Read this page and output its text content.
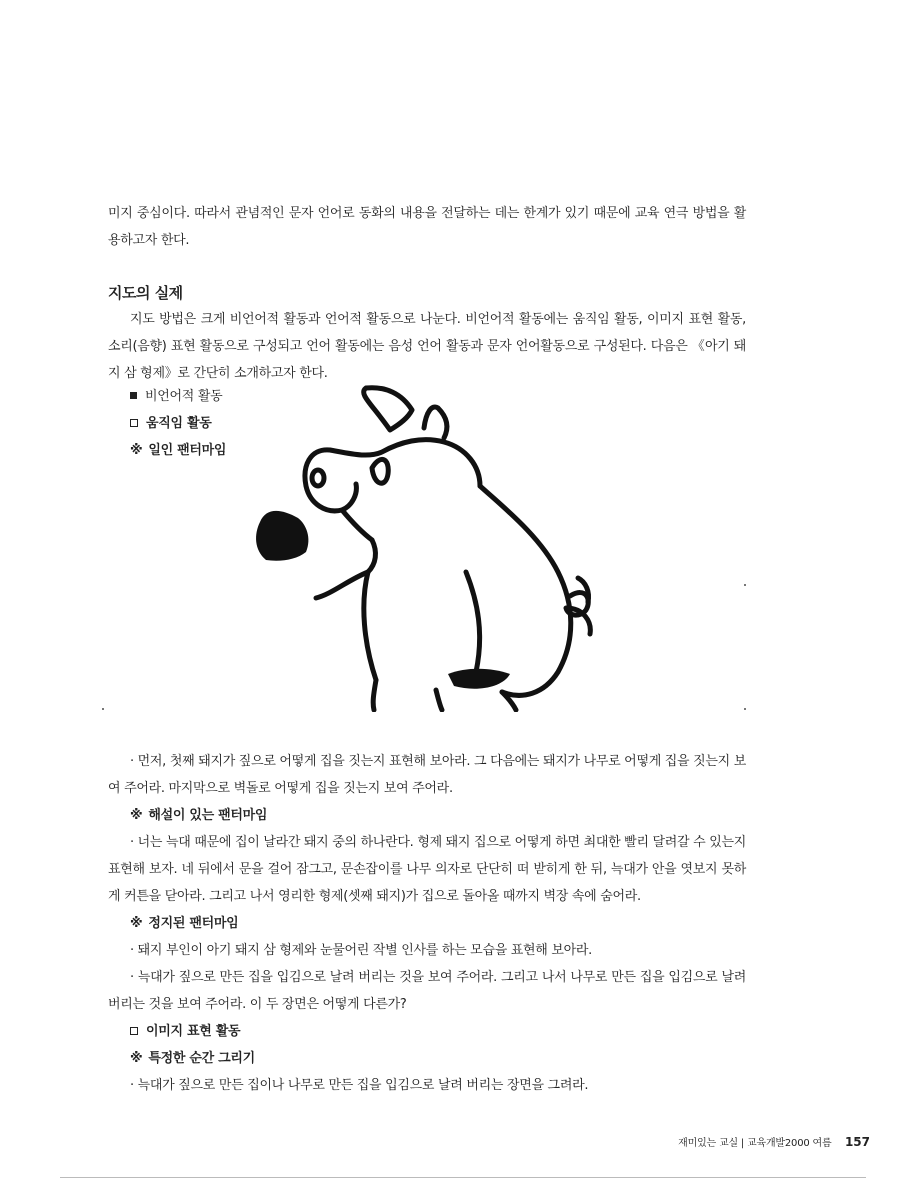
미지 중심이다. 따라서 관념적인 문자 언어로 동화의 내용을 전달하는 데는 한계가 있기 때문에 교육 연극 방법을 활용하고자 한다.

지도의 실제

지도 방법은 크게 비언어적 활동과 언어적 활동으로 나눈다. 비언어적 활동에는 움직임 활동, 이미지 표현 활동, 소리(음향) 표현 활동으로 구성되고 언어 활동에는 음성 언어 활동과 문자 언어활동으로 구성된다. 다음은 《아기 돼지 삼 형제》로 간단히 소개하고자 한다.

비언어적 활동
움직임 활동
※ 일인 팬터마임

· 먼저, 첫째 돼지가 짚으로 어떻게 집을 짓는지 표현해 보아라. 그 다음에는 돼지가 나무로 어떻게 집을 짓는지 보여 주어라. 마지막으로 벽돌로 어떻게 집을 짓는지 보여 주어라.

※ 해설이 있는 팬터마임

· 너는 늑대 때문에 집이 날라간 돼지 중의 하나란다. 형제 돼지 집으로 어떻게 하면 최대한 빨리 달려갈 수 있는지 표현해 보자. 네 뒤에서 문을 걸어 잠그고, 문손잡이를 나무 의자로 단단히 떠 받히게 한 뒤, 늑대가 안을 엿보지 못하게 커튼을 닫아라. 그리고 나서 영리한 형제(셋째 돼지)가 집으로 돌아올 때까지 벽장 속에 숨어라.

※ 정지된 팬터마임

· 돼지 부인이 아기 돼지 삼 형제와 눈물어린 작별 인사를 하는 모습을 표현해 보아라.

· 늑대가 짚으로 만든 집을 입김으로 날려 버리는 것을 보여 주어라. 그리고 나서 나무로 만든 집을 입김으로 날려 버리는 것을 보여 주어라. 이 두 장면은 어떻게 다른가?

이미지 표현 활동
※ 특정한 순간 그리기

· 늑대가 짚으로 만든 집이나 나무로 만든 집을 입김으로 날려 버리는 장면을 그려라.

재미있는 교실 | 교육개발2000 여름 157
